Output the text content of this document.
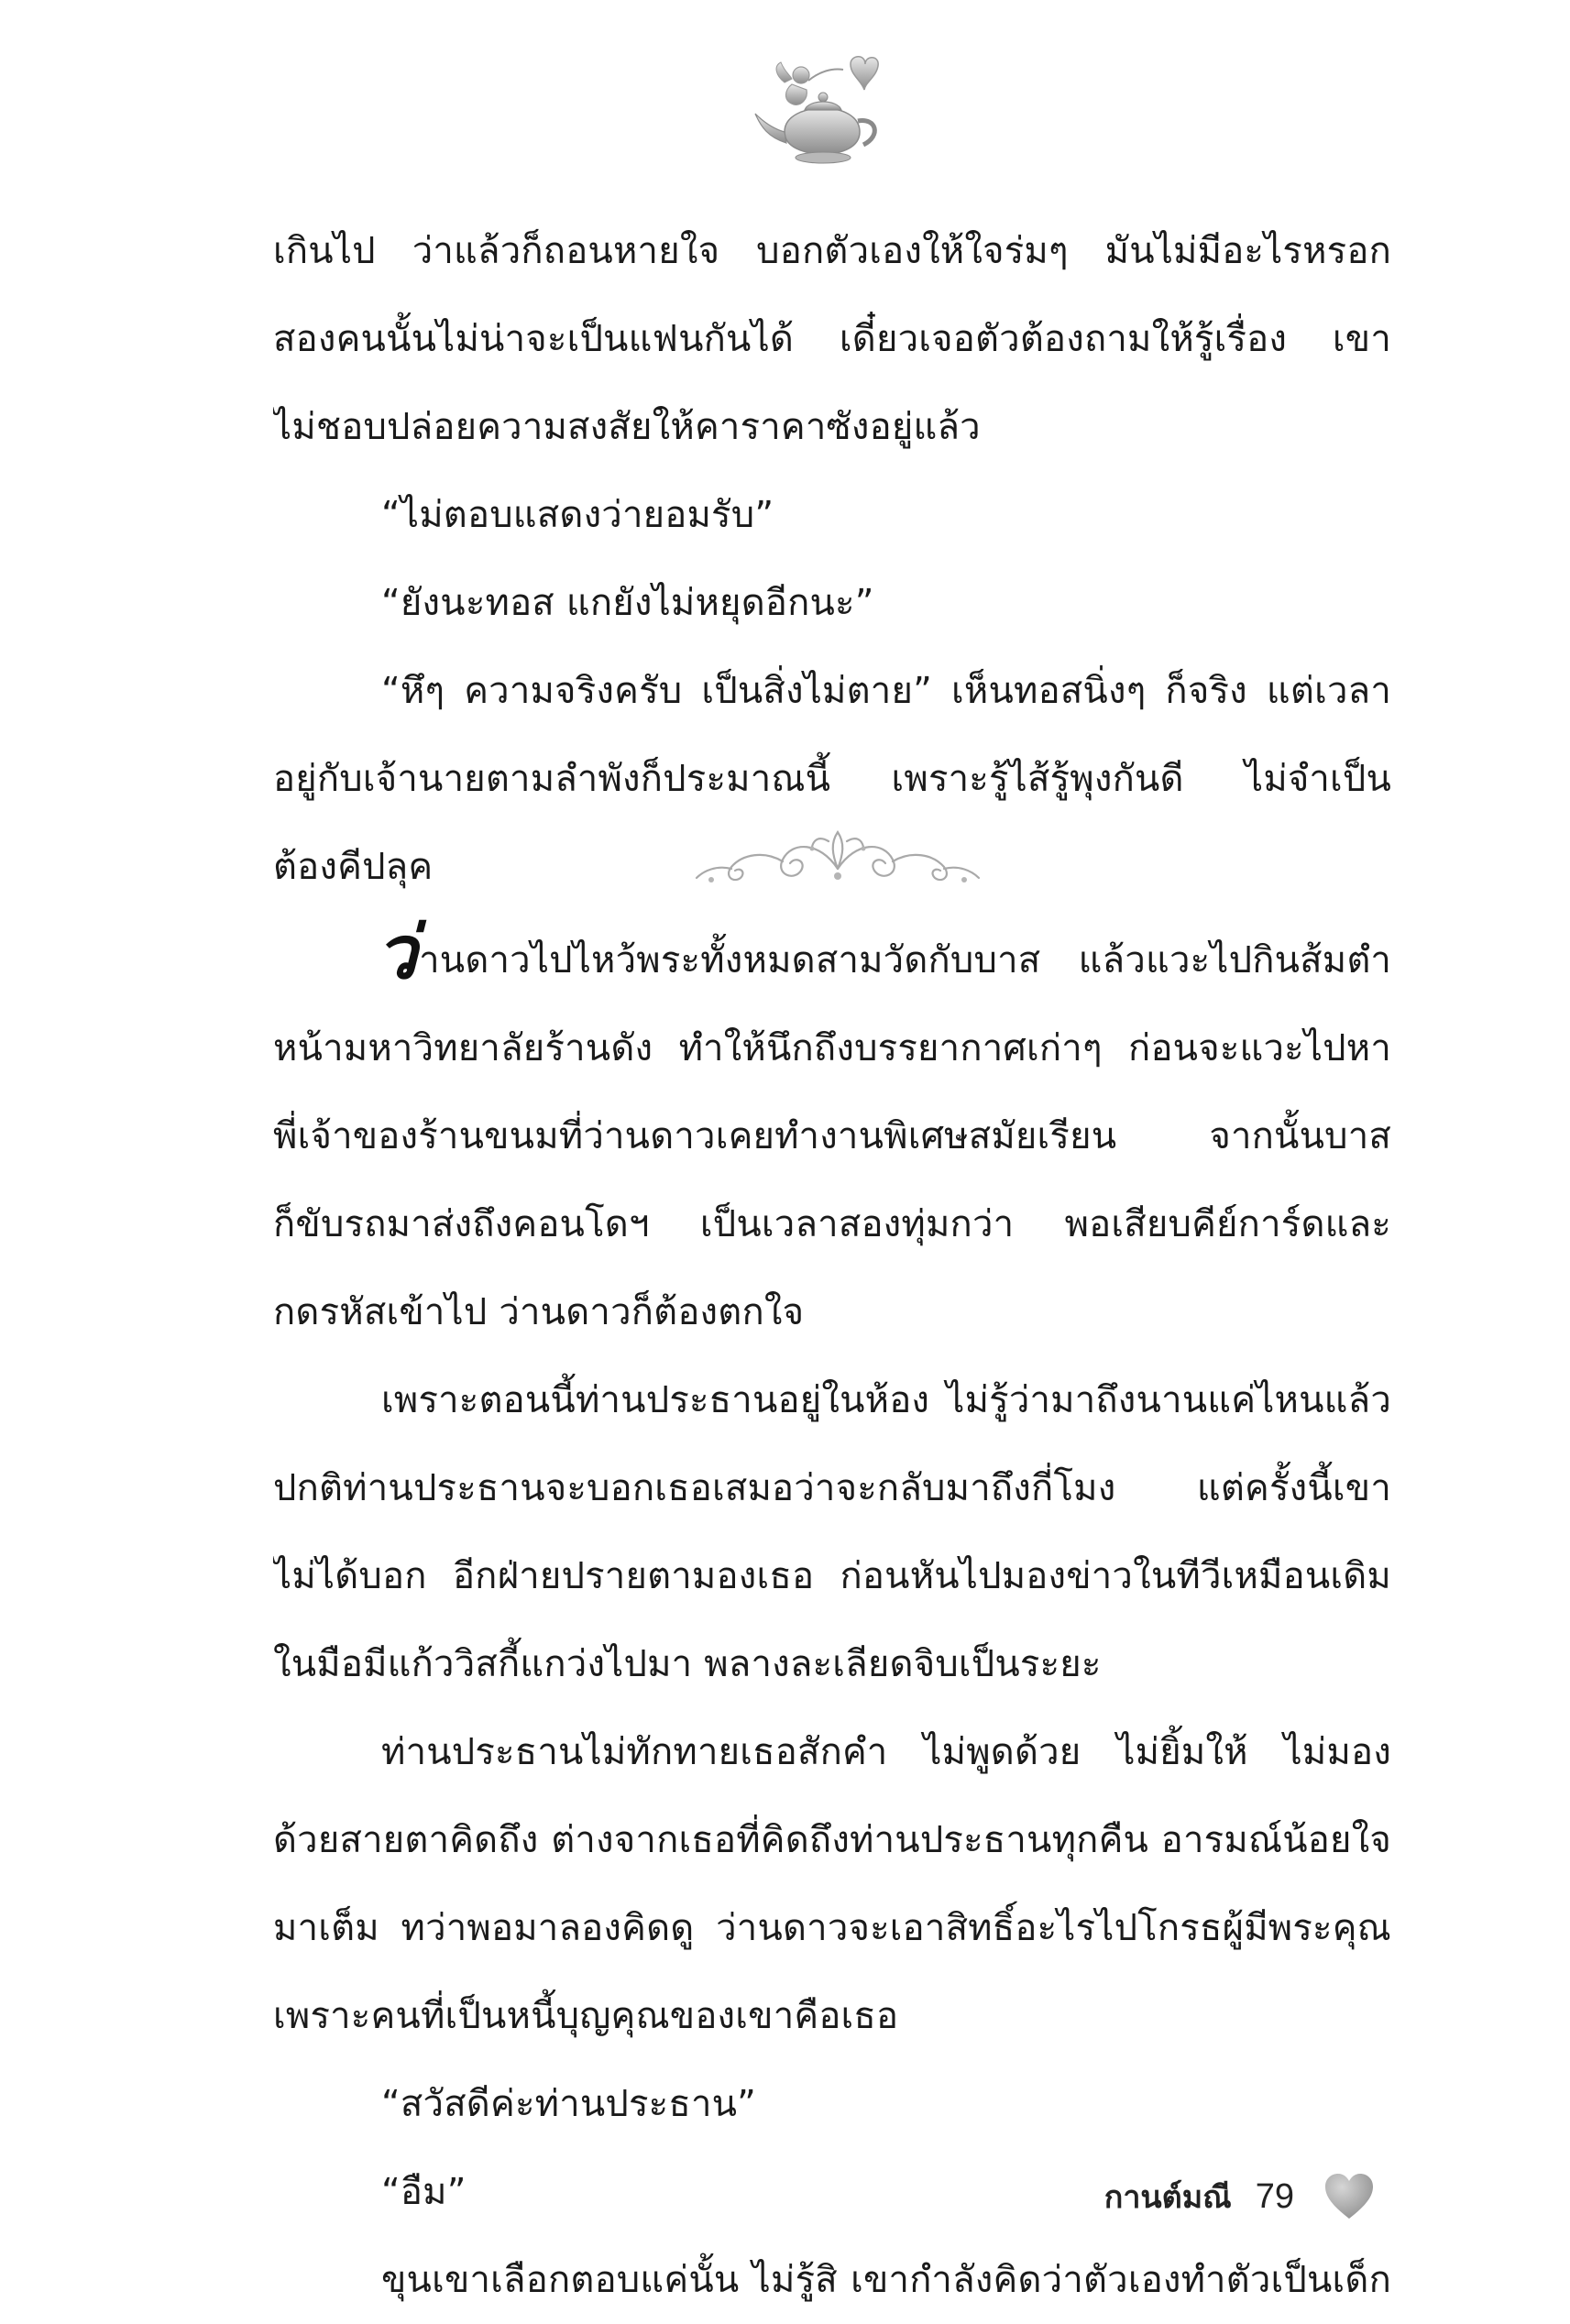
เกินไป ว่าแล้วก็ถอนหายใจ บอกตัวเองให้ใจร่มๆ มันไม่มีอะไรหรอก
สองคนนั้นไม่น่าจะเป็นแฟนกันได้ เดี๋ยวเจอตัวต้องถามให้รู้เรื่อง เขา
ไม่ชอบปล่อยความสงสัยให้คาราคาซังอยู่แล้ว
“ไม่ตอบแสดงว่ายอมรับ”
“ยังนะทอส แกยังไม่หยุดอีกนะ”
“หึๆ ความจริงครับ เป็นสิ่งไม่ตาย” เห็นทอสนิ่งๆ ก็จริง แต่เวลา
อยู่กับเจ้านายตามลำพังก็ประมาณนี้ เพราะรู้ไส้รู้พุงกันดี ไม่จำเป็น
ต้องคีปลุค
ว่านดาวไปไหว้พระทั้งหมดสามวัดกับบาส แล้วแวะไปกินส้มตำ
หน้ามหาวิทยาลัยร้านดัง ทำให้นึกถึงบรรยากาศเก่าๆ ก่อนจะแวะไปหา
พี่เจ้าของร้านขนมที่ว่านดาวเคยทำงานพิเศษสมัยเรียน จากนั้นบาส
ก็ขับรถมาส่งถึงคอนโดฯ เป็นเวลาสองทุ่มกว่า พอเสียบคีย์การ์ดและ
กดรหัสเข้าไป ว่านดาวก็ต้องตกใจ
เพราะตอนนี้ท่านประธานอยู่ในห้อง ไม่รู้ว่ามาถึงนานแค่ไหนแล้ว
ปกติท่านประธานจะบอกเธอเสมอว่าจะกลับมาถึงกี่โมง แต่ครั้งนี้เขา
ไม่ได้บอก อีกฝ่ายปรายตามองเธอ ก่อนหันไปมองข่าวในทีวีเหมือนเดิม
ในมือมีแก้ววิสกี้แกว่งไปมา พลางละเลียดจิบเป็นระยะ
ท่านประธานไม่ทักทายเธอสักคำ ไม่พูดด้วย ไม่ยิ้มให้ ไม่มอง
ด้วยสายตาคิดถึง ต่างจากเธอที่คิดถึงท่านประธานทุกคืน อารมณ์น้อยใจ
มาเต็ม ทว่าพอมาลองคิดดู ว่านดาวจะเอาสิทธิ์อะไรไปโกรธผู้มีพระคุณ
เพราะคนที่เป็นหนี้บุญคุณของเขาคือเธอ
“สวัสดีค่ะท่านประธาน”
“อืม”
ขุนเขาเลือกตอบแค่นั้น ไม่รู้สิ เขากำลังคิดว่าตัวเองทำตัวเป็นเด็ก
กานต์มณี 79
